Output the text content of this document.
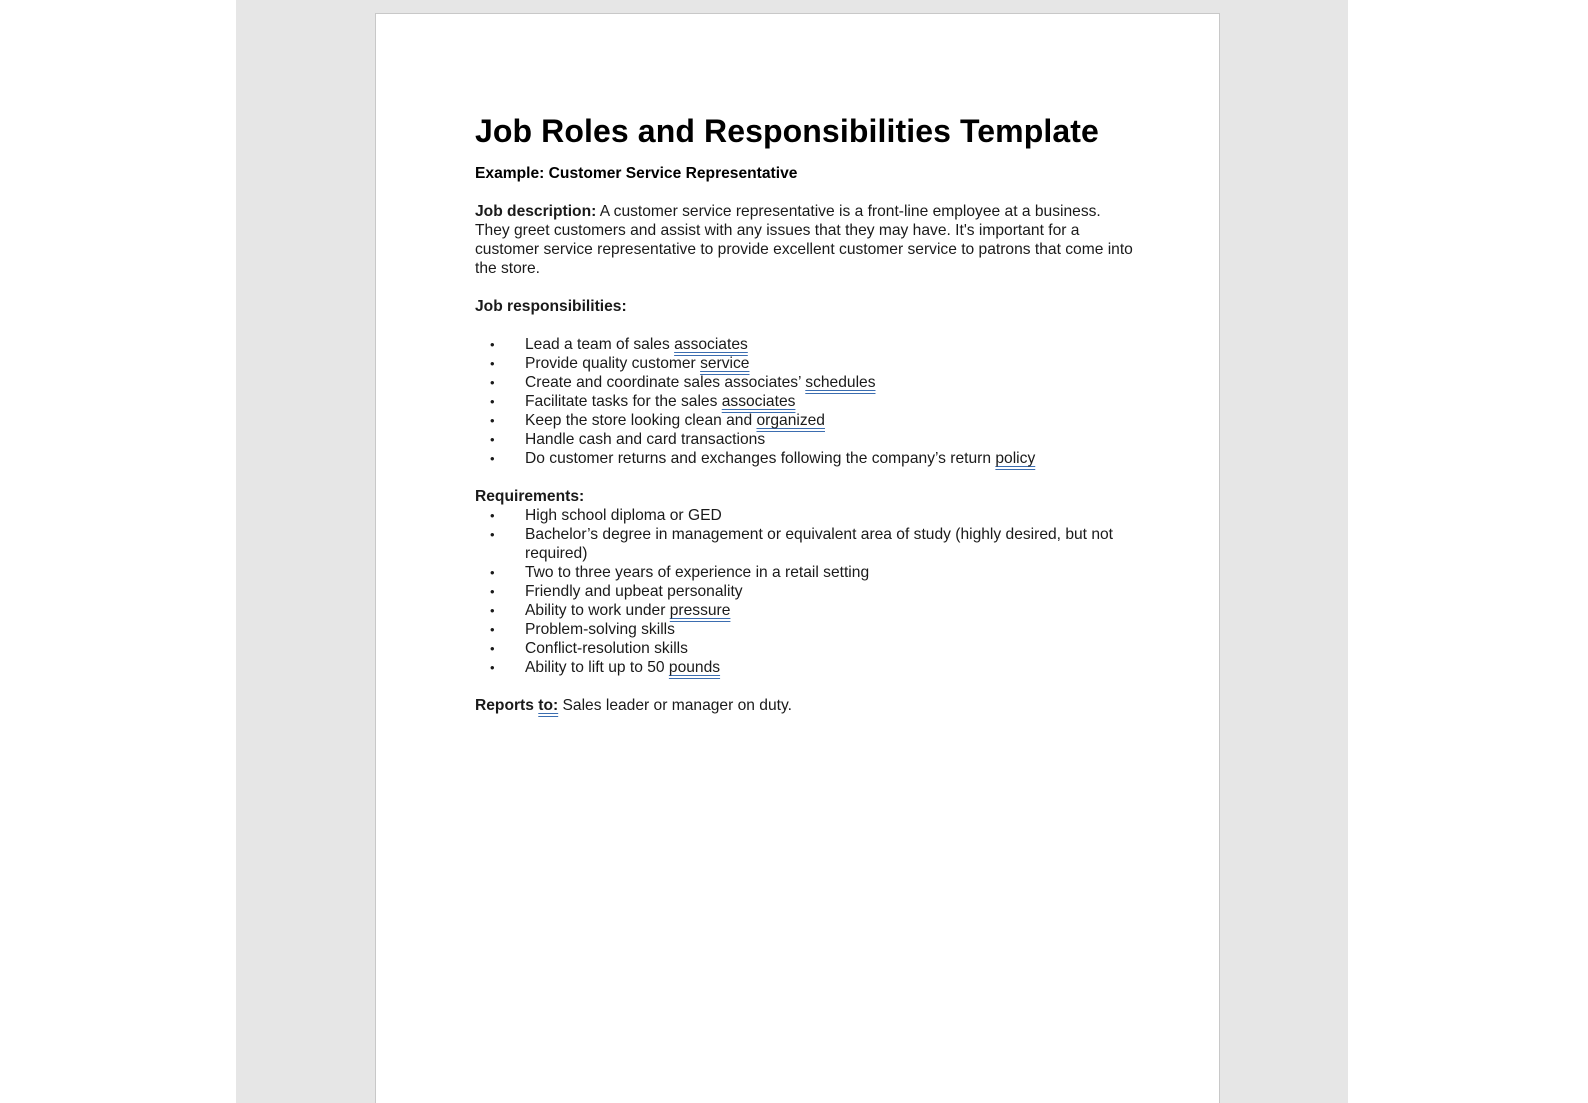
Job Roles and Responsibilities Template
Example: Customer Service Representative
Job description: A customer service representative is a front-line employee at a business. They greet customers and assist with any issues that they may have. It's important for a customer service representative to provide excellent customer service to patrons that come into the store.
Job responsibilities:
• Lead a team of sales associates
• Provide quality customer service
• Create and coordinate sales associates’ schedules
• Facilitate tasks for the sales associates
• Keep the store looking clean and organized
• Handle cash and card transactions
• Do customer returns and exchanges following the company’s return policy
Requirements:
• High school diploma or GED
• Bachelor’s degree in management or equivalent area of study (highly desired, but not required)
• Two to three years of experience in a retail setting
• Friendly and upbeat personality
• Ability to work under pressure
• Problem-solving skills
• Conflict-resolution skills
• Ability to lift up to 50 pounds
Reports to: Sales leader or manager on duty.
